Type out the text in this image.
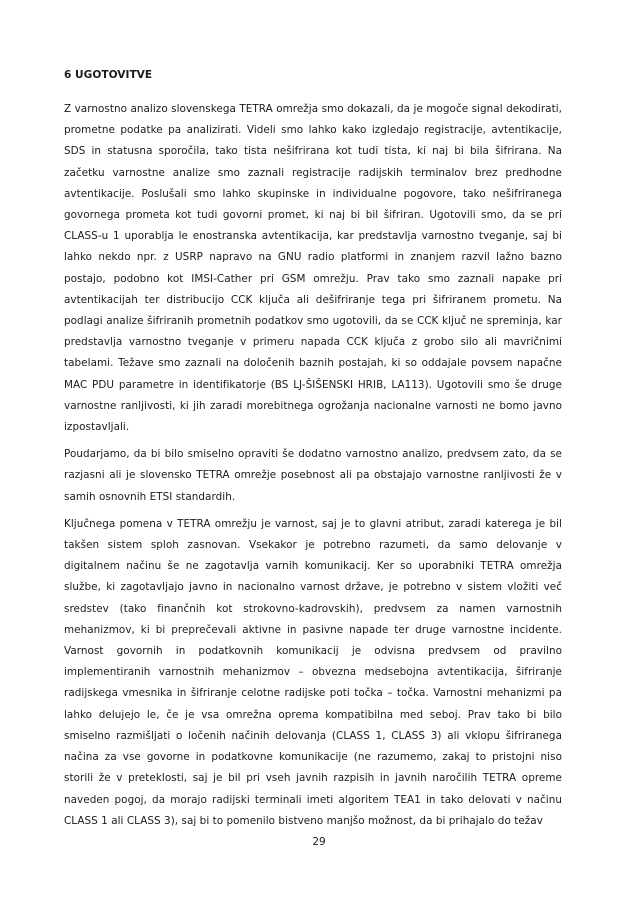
6 UGOTOVITVE

Z varnostno analizo slovenskega TETRA omrežja smo dokazali, da je mogoče signal dekodirati, prometne podatke pa analizirati. Videli smo lahko kako izgledajo registracije, avtentikacije, SDS in statusna sporočila, tako tista nešifrirana kot tudi tista, ki naj bi bila šifrirana. Na začetku varnostne analize smo zaznali registracije radijskih terminalov brez predhodne avtentikacije. Poslušali smo lahko skupinske in individualne pogovore, tako nešifriranega govornega prometa kot tudi govorni promet, ki naj bi bil šifriran. Ugotovili smo, da se pri CLASS-u 1 uporablja le enostranska avtentikacija, kar predstavlja varnostno tveganje, saj bi lahko nekdo npr. z USRP napravo na GNU radio platformi in znanjem razvil lažno bazno postajo, podobno kot IMSI-Cather pri GSM omrežju. Prav tako smo zaznali napake pri avtentikacijah ter distribucijo CCK ključa ali dešifriranje tega pri šifriranem prometu. Na podlagi analize šifriranih prometnih podatkov smo ugotovili, da se CCK ključ ne spreminja, kar predstavlja varnostno tveganje v primeru napada CCK ključa z grobo silo ali mavričnimi tabelami. Težave smo zaznali na določenih baznih postajah, ki so oddajale povsem napačne MAC PDU parametre in identifikatorje (BS LJ-ŠIŠENSKI HRIB, LA113). Ugotovili smo še druge varnostne ranljivosti, ki jih zaradi morebitnega ogrožanja nacionalne varnosti ne bomo javno izpostavljali.

Poudarjamo, da bi bilo smiselno opraviti še dodatno varnostno analizo, predvsem zato, da se razjasni ali je slovensko TETRA omrežje posebnost ali pa obstajajo varnostne ranljivosti že v samih osnovnih ETSI standardih.

Ključnega pomena v TETRA omrežju je varnost, saj je to glavni atribut, zaradi katerega je bil takšen sistem sploh zasnovan. Vsekakor je potrebno razumeti, da samo delovanje v digitalnem načinu še ne zagotavlja varnih komunikacij. Ker so uporabniki TETRA omrežja službe, ki zagotavljajo javno in nacionalno varnost države, je potrebno v sistem vložiti več sredstev (tako finančnih kot strokovno-kadrovskih), predvsem za namen varnostnih mehanizmov, ki bi preprečevali aktivne in pasivne napade ter druge varnostne incidente. Varnost govornih in podatkovnih komunikacij je odvisna predvsem od pravilno implementiranih varnostnih mehanizmov – obvezna medsebojna avtentikacija, šifriranje radijskega vmesnika in šifriranje celotne radijske poti točka – točka. Varnostni mehanizmi pa lahko delujejo le, če je vsa omrežna oprema kompatibilna med seboj. Prav tako bi bilo smiselno razmišljati o ločenih načinih delovanja (CLASS 1, CLASS 3) ali vklopu šifriranega načina za vse govorne in podatkovne komunikacije (ne razumemo, zakaj to pristojni niso storili že v preteklosti, saj je bil pri vseh javnih razpisih in javnih naročilih TETRA opreme naveden pogoj, da morajo radijski terminali imeti algoritem TEA1 in tako delovati v načinu CLASS 1 ali CLASS 3), saj bi to pomenilo bistveno manjšo možnost, da bi prihajalo do težav

29
